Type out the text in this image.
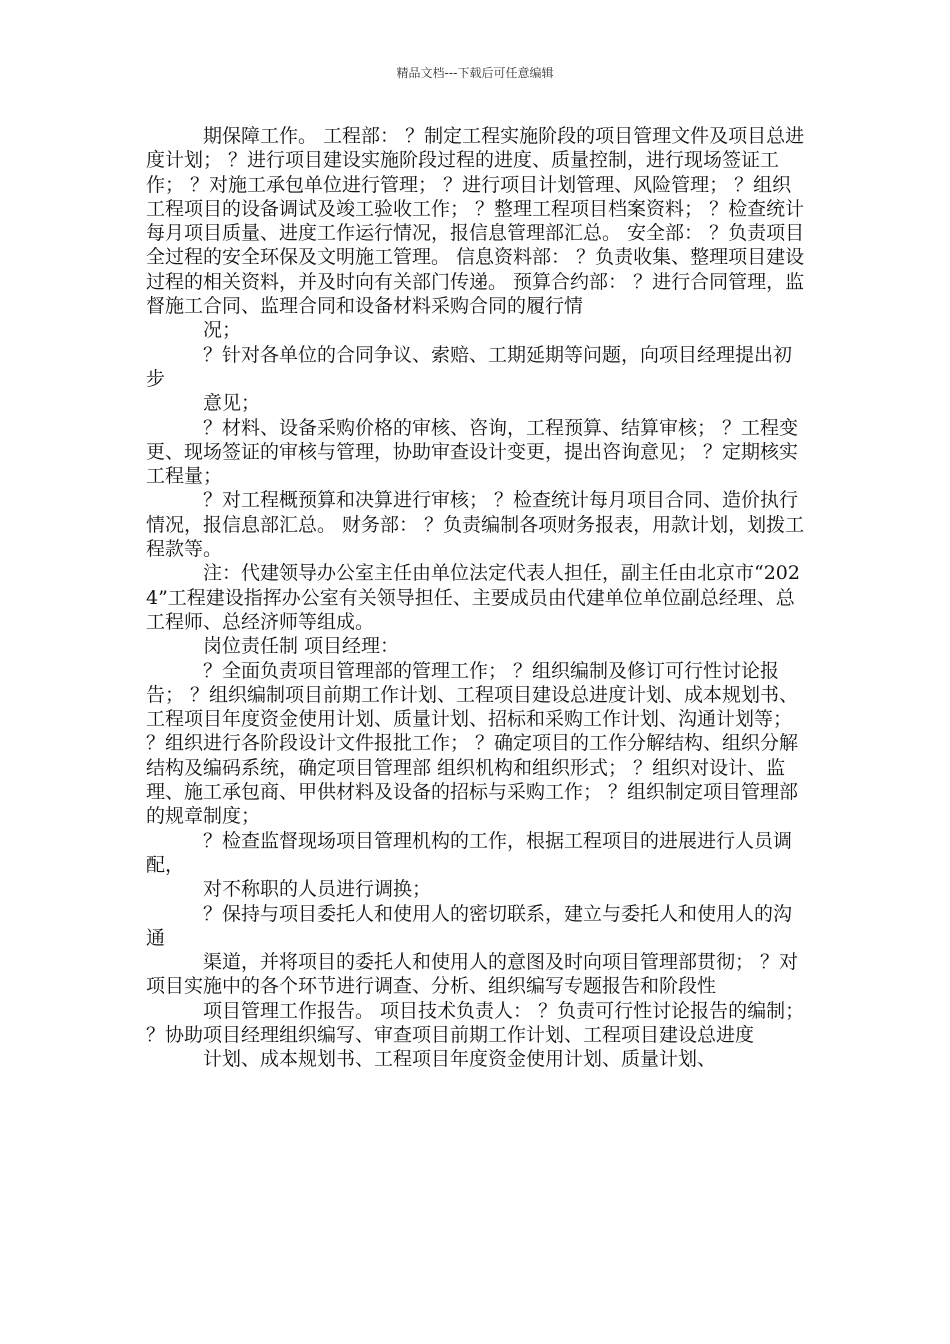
精品文档---下载后可任意编辑

期保障工作。 工程部： ？制定工程实施阶段的项目管理文件及项目总进度计划； ？进行项目建设实施阶段过程的进度、质量控制，进行现场签证工作； ？对施工承包单位进行管理； ？进行项目计划管理、风险管理； ？组织工程项目的设备调试及竣工验收工作； ？整理工程项目档案资料； ？检查统计每月项目质量、进度工作运行情况，报信息管理部汇总。 安全部： ？负责项目全过程的安全环保及文明施工管理。 信息资料部： ？负责收集、整理项目建设过程的相关资料，并及时向有关部门传递。 预算合约部： ？进行合同管理，监督施工合同、监理合同和设备材料采购合同的履行情

况；

？针对各单位的合同争议、索赔、工期延期等问题，向项目经理提出初步

意见；

？材料、设备采购价格的审核、咨询，工程预算、结算审核； ？工程变更、现场签证的审核与管理，协助审查设计变更，提出咨询意见； ？定期核实工程量；

？对工程概预算和决算进行审核； ？检查统计每月项目合同、造价执行情况，报信息部汇总。 财务部： ？负责编制各项财务报表，用款计划，划拨工程款等。

注：代建领导办公室主任由单位法定代表人担任，副主任由北京市“2024”工程建设指挥办公室有关领导担任、主要成员由代建单位单位副总经理、总工程师、总经济师等组成。

岗位责任制 项目经理：

？全面负责项目管理部的管理工作； ？组织编制及修订可行性讨论报告； ？组织编制项目前期工作计划、工程项目建设总进度计划、成本规划书、 工程项目年度资金使用计划、质量计划、招标和采购工作计划、沟通计划等； ？组织进行各阶段设计文件报批工作； ？确定项目的工作分解结构、组织分解结构及编码系统，确定项目管理部 组织机构和组织形式； ？组织对设计、监理、施工承包商、甲供材料及设备的招标与采购工作； ？组织制定项目管理部的规章制度；

？检查监督现场项目管理机构的工作，根据工程项目的进展进行人员调配，

对不称职的人员进行调换；

？保持与项目委托人和使用人的密切联系，建立与委托人和使用人的沟通

渠道，并将项目的委托人和使用人的意图及时向项目管理部贯彻； ？对项目实施中的各个环节进行调查、分析、组织编写专题报告和阶段性

项目管理工作报告。 项目技术负责人： ？负责可行性讨论报告的编制； ？协助项目经理组织编写、审查项目前期工作计划、工程项目建设总进度

计划、成本规划书、工程项目年度资金使用计划、质量计划、
